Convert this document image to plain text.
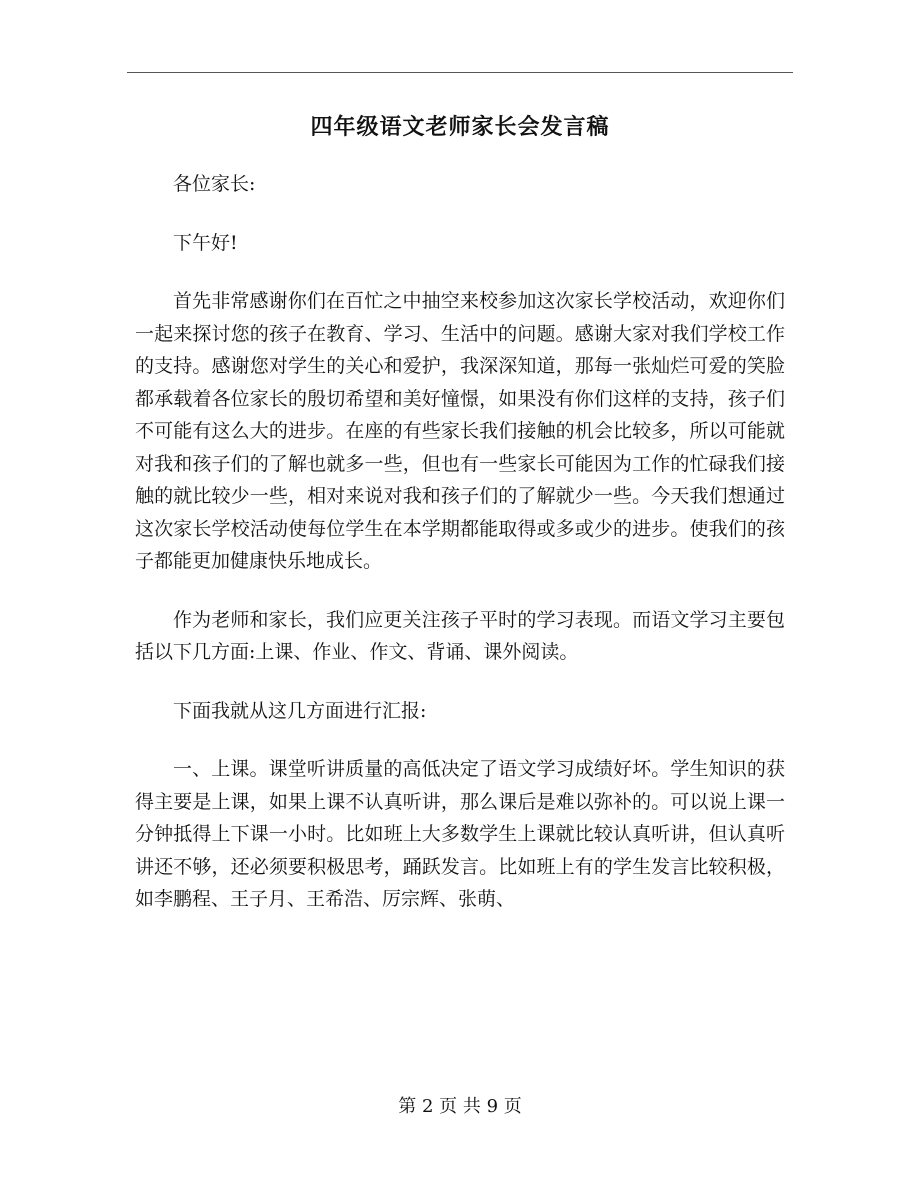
四年级语文老师家长会发言稿

各位家长:

下午好!

首先非常感谢你们在百忙之中抽空来校参加这次家长学校活动，欢迎你们一起来探讨您的孩子在教育、学习、生活中的问题。感谢大家对我们学校工作的支持。感谢您对学生的关心和爱护，我深深知道，那每一张灿烂可爱的笑脸都承载着各位家长的殷切希望和美好憧憬，如果没有你们这样的支持，孩子们不可能有这么大的进步。在座的有些家长我们接触的机会比较多，所以可能就对我和孩子们的了解也就多一些，但也有一些家长可能因为工作的忙碌我们接触的就比较少一些，相对来说对我和孩子们的了解就少一些。今天我们想通过这次家长学校活动使每位学生在本学期都能取得或多或少的进步。使我们的孩子都能更加健康快乐地成长。

作为老师和家长，我们应更关注孩子平时的学习表现。而语文学习主要包括以下几方面:上课、作业、作文、背诵、课外阅读。

下面我就从这几方面进行汇报:

一、上课。课堂听讲质量的高低决定了语文学习成绩好坏。学生知识的获得主要是上课，如果上课不认真听讲，那么课后是难以弥补的。可以说上课一分钟抵得上下课一小时。比如班上大多数学生上课就比较认真听讲，但认真听讲还不够，还必须要积极思考，踊跃发言。比如班上有的学生发言比较积极，如李鹏程、王子月、王希浩、厉宗辉、张萌、

第 2 页 共 9 页
